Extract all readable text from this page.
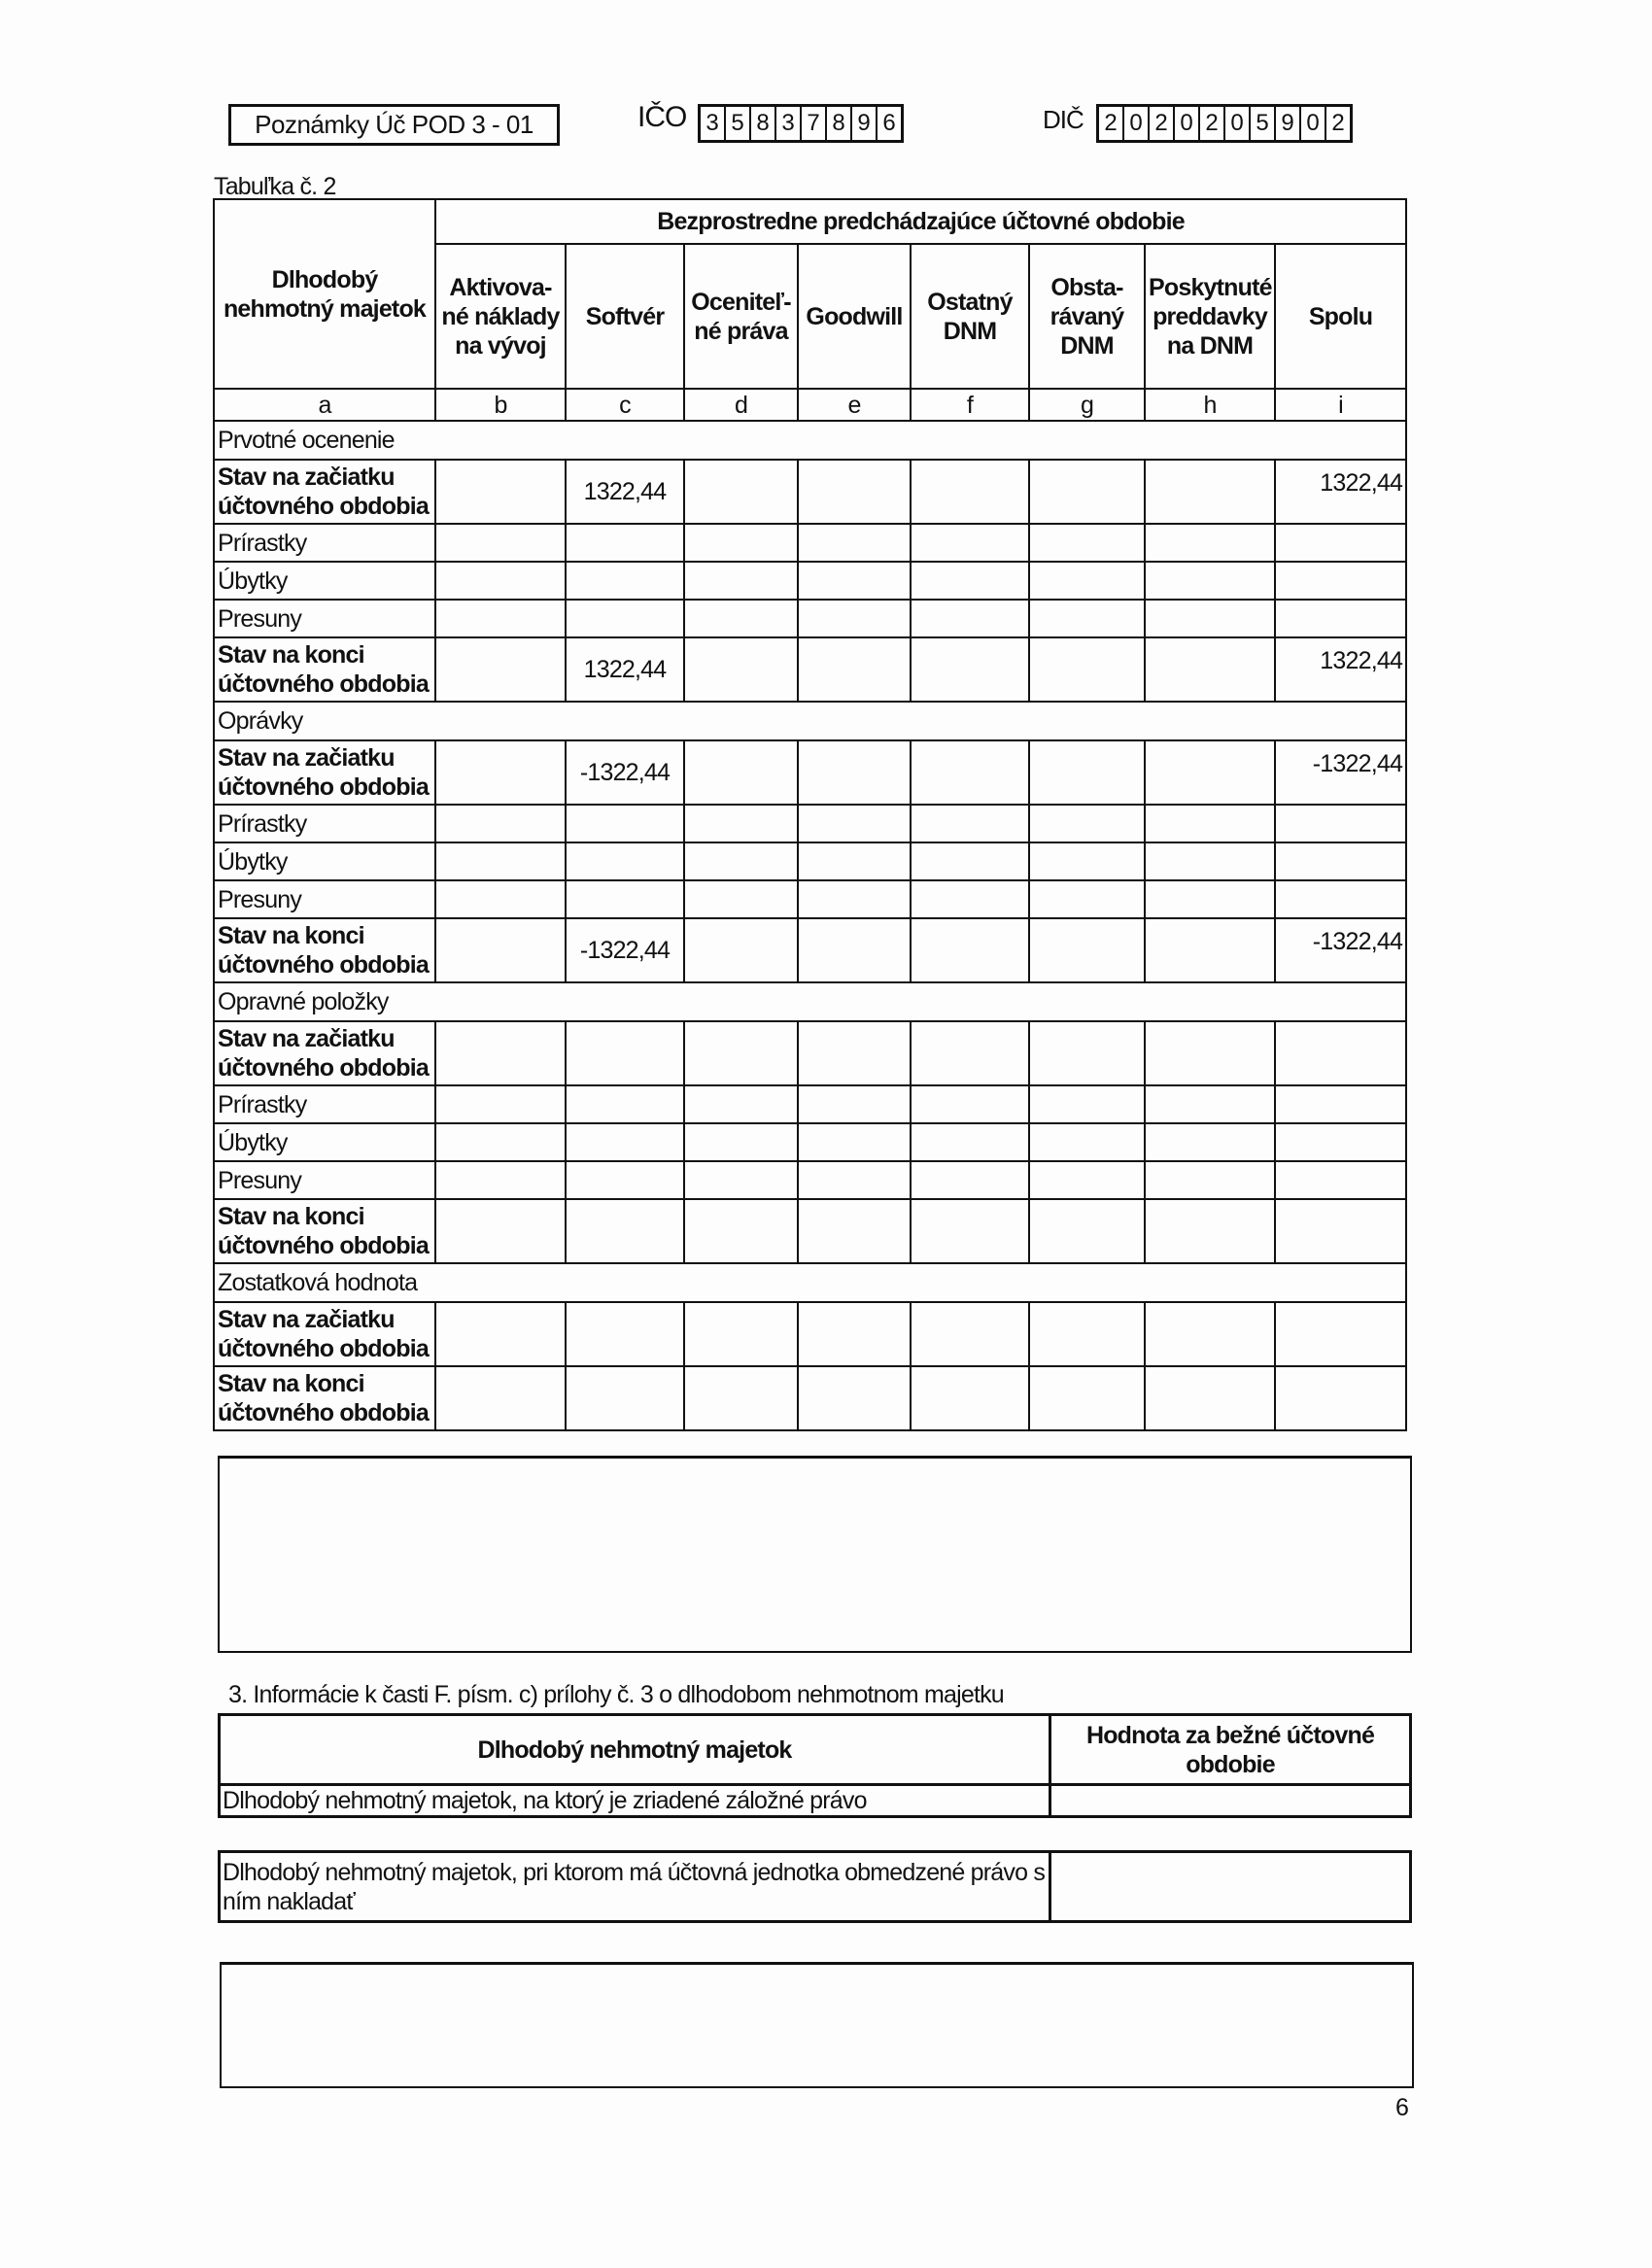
Poznámky Úč POD 3 - 01	IČO 3 5 8 3 7 8 9 6	DIČ 2 0 2 0 2 0 5 9 0 2
Tabuľka č. 2
Dlhodobý nehmotný majetok	Bezprostredne predchádzajúce účtovné obdobie							
	Aktivova-né náklady na vývoj	Softvér	Oceniteľ-né práva	Goodwill	Ostatný DNM	Obsta-rávaný DNM	Poskytnuté preddavky na DNM	Spolu
a	b	c	d	e	f	g	h	i
Prvotné ocenenie								
Stav na začiatku účtovného obdobia		1322,44						1322,44
Prírastky								
Úbytky								
Presuny								
Stav na konci účtovného obdobia		1322,44						1322,44
Oprávky								
Stav na začiatku účtovného obdobia		-1322,44						-1322,44
Prírastky								
Úbytky								
Presuny								
Stav na konci účtovného obdobia		-1322,44						-1322,44
Opravné položky								
Stav na začiatku účtovného obdobia								
Prírastky								
Úbytky								
Presuny								
Stav na konci účtovného obdobia								
Zostatková hodnota								
Stav na začiatku účtovného obdobia								
Stav na konci účtovného obdobia								
3. Informácie k časti F. písm. c) prílohy č. 3 o dlhodobom nehmotnom majetku
Dlhodobý nehmotný majetok	Hodnota za bežné účtovné obdobie
Dlhodobý nehmotný majetok, na ktorý je zriadené záložné právo	
Dlhodobý nehmotný majetok, pri ktorom má účtovná jednotka obmedzené právo s ním nakladať	
6
